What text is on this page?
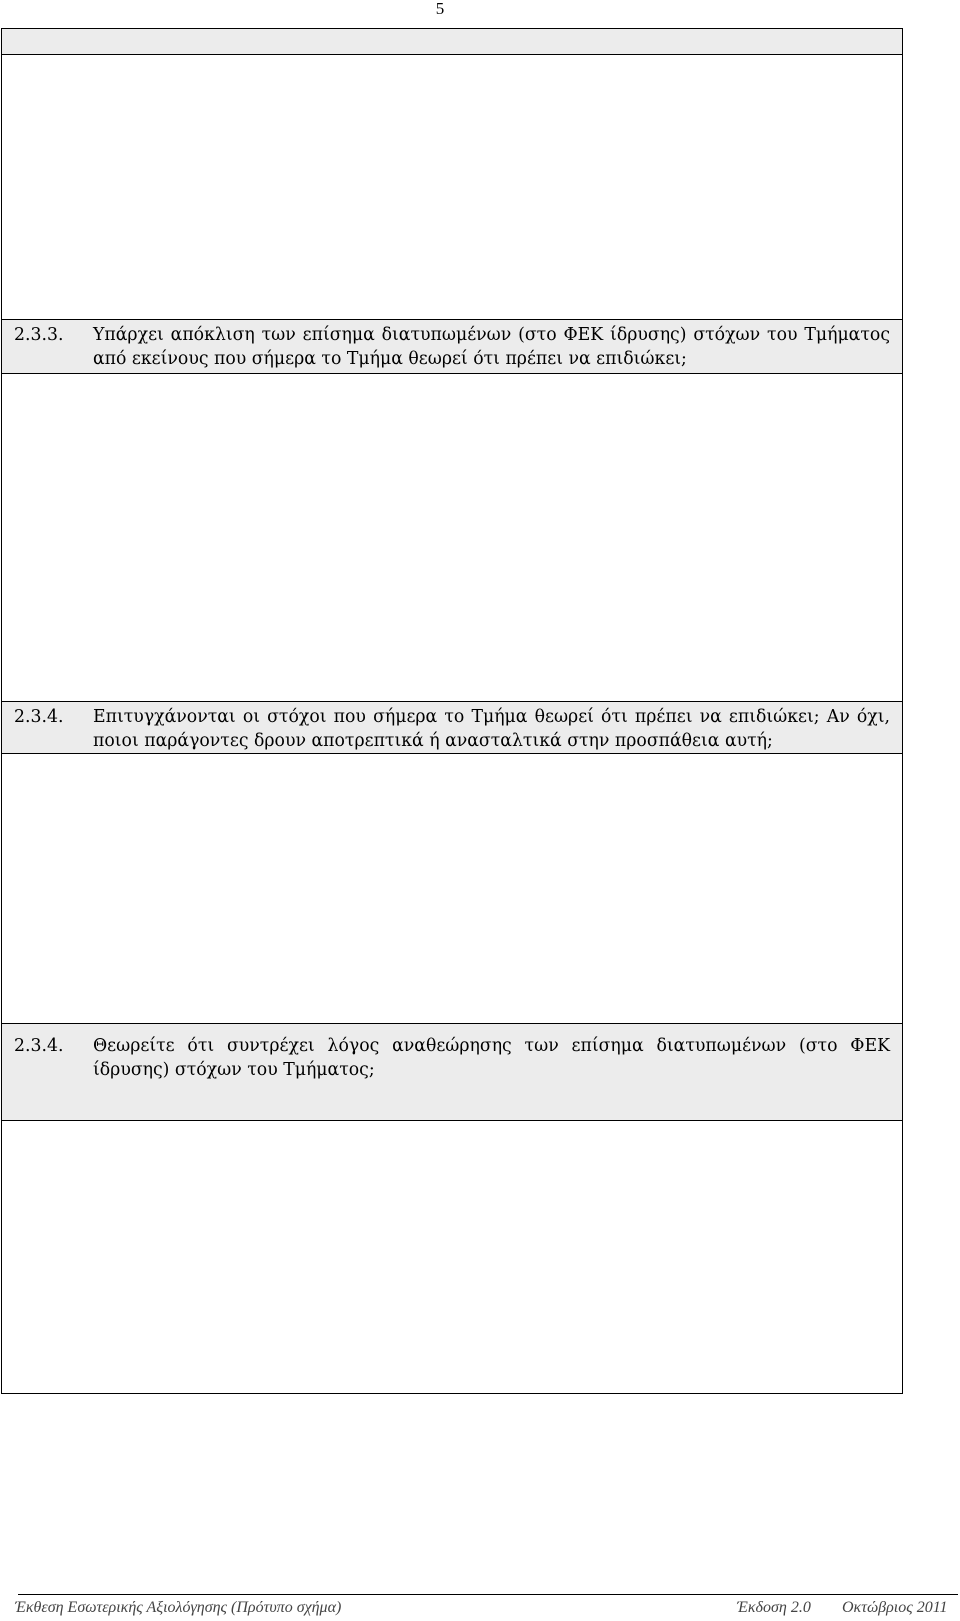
5
2.3.3.	Υπάρχει απόκλιση των επίσημα διατυπωμένων (στο ΦΕΚ ίδρυσης) στόχων του Τμήματος από εκείνους που σήμερα το Τμήμα θεωρεί ότι πρέπει να επιδιώκει;
2.3.4.	Επιτυγχάνονται οι στόχοι που σήμερα το Τμήμα θεωρεί ότι πρέπει να επιδιώκει; Αν όχι, ποιοι παράγοντες δρουν αποτρεπτικά ή ανασταλτικά στην προσπάθεια αυτή;
2.3.4.	Θεωρείτε ότι συντρέχει λόγος αναθεώρησης των επίσημα διατυπωμένων (στο ΦΕΚ ίδρυσης) στόχων του Τμήματος;
Έκθεση Εσωτερικής Αξιολόγησης (Πρότυπο σχήμα)	Έκδοση 2.0 Οκτώβριος 2011
